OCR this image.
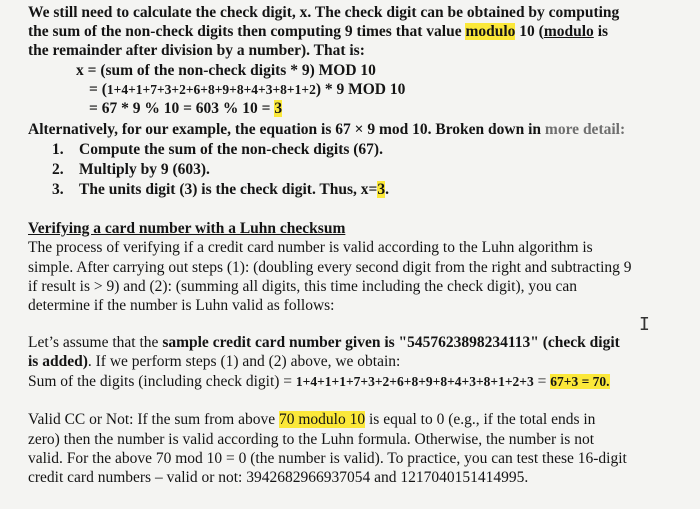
We still need to calculate the check digit, x. The check digit can be obtained by computing
the sum of the non-check digits then computing 9 times that value modulo 10 (modulo is
the remainder after division by a number). That is:
x = (sum of the non-check digits * 9) MOD 10
= (1+4+1+7+3+2+6+8+9+8+4+3+8+1+2) * 9 MOD 10
= 67 * 9 % 10 = 603 % 10 = 3
Alternatively, for our example, the equation is 67 × 9 mod 10. Broken down in more detail:
1. Compute the sum of the non-check digits (67).
2. Multiply by 9 (603).
3. The units digit (3) is the check digit. Thus, x=3.
Verifying a card number with a Luhn checksum
The process of verifying if a credit card number is valid according to the Luhn algorithm is
simple. After carrying out steps (1): (doubling every second digit from the right and subtracting 9
if result is > 9) and (2): (summing all digits, this time including the check digit), you can
determine if the number is Luhn valid as follows:
I
Let’s assume that the sample credit card number given is "5457623898234113" (check digit
is added). If we perform steps (1) and (2) above, we obtain:
Sum of the digits (including check digit) = 1+4+1+1+7+3+2+6+8+9+8+4+3+8+1+2+3 = 67+3 = 70.
Valid CC or Not: If the sum from above 70 modulo 10 is equal to 0 (e.g., if the total ends in
zero) then the number is valid according to the Luhn formula. Otherwise, the number is not
valid. For the above 70 mod 10 = 0 (the number is valid). To practice, you can test these 16-digit
credit card numbers – valid or not: 3942682966937054 and 1217040151414995.
